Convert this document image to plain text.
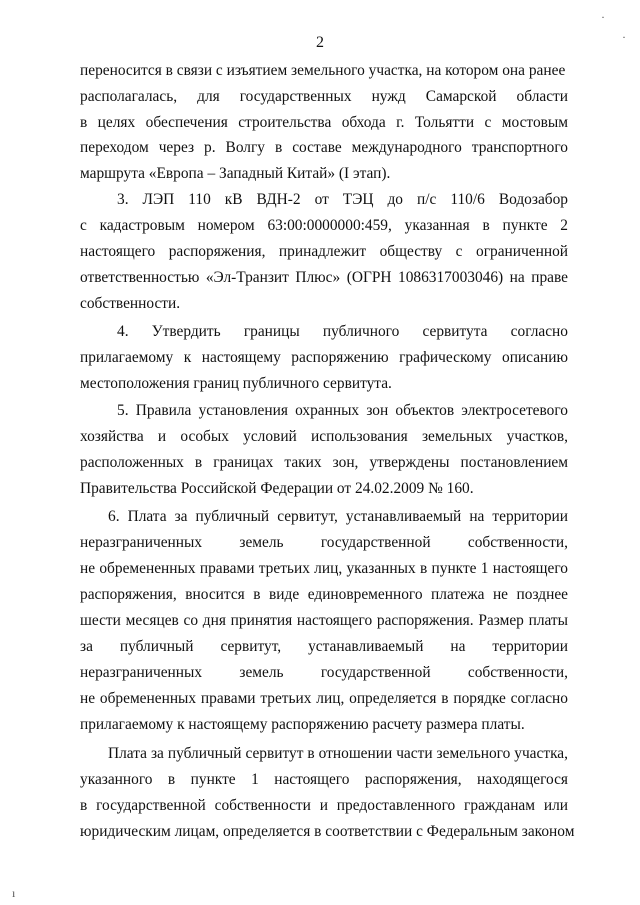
·
·
ı
2
переносится в связи с изъятием земельного участка, на котором она ранее
располагалась, для государственных нужд Самарской области
в целях обеспечения строительства обхода г. Тольятти с мостовым
переходом через р. Волгу в составе международного транспортного
маршрута «Европа – Западный Китай» (I этап).
3. ЛЭП 110 кВ ВДН-2 от ТЭЦ до п/с 110/6 Водозабор
с кадастровым номером 63:00:0000000:459, указанная в пункте 2
настоящего распоряжения, принадлежит обществу с ограниченной
ответственностью «Эл-Транзит Плюс» (ОГРН 1086317003046) на праве
собственности.
4. Утвердить границы публичного сервитута согласно
прилагаемому к настоящему распоряжению графическому описанию
местоположения границ публичного сервитута.
5. Правила установления охранных зон объектов электросетевого
хозяйства и особых условий использования земельных участков,
расположенных в границах таких зон, утверждены постановлением
Правительства Российской Федерации от 24.02.2009 № 160.
6. Плата за публичный сервитут, устанавливаемый на территории
неразграниченных земель государственной собственности,
не обремененных правами третьих лиц, указанных в пункте 1 настоящего
распоряжения, вносится в виде единовременного платежа не позднее
шести месяцев со дня принятия настоящего распоряжения. Размер платы
за публичный сервитут, устанавливаемый на территории
неразграниченных земель государственной собственности,
не обремененных правами третьих лиц, определяется в порядке согласно
прилагаемому к настоящему распоряжению расчету размера платы.
Плата за публичный сервитут в отношении части земельного участка,
указанного в пункте 1 настоящего распоряжения, находящегося
в государственной собственности и предоставленного гражданам или
юридическим лицам, определяется в соответствии с Федеральным законом
